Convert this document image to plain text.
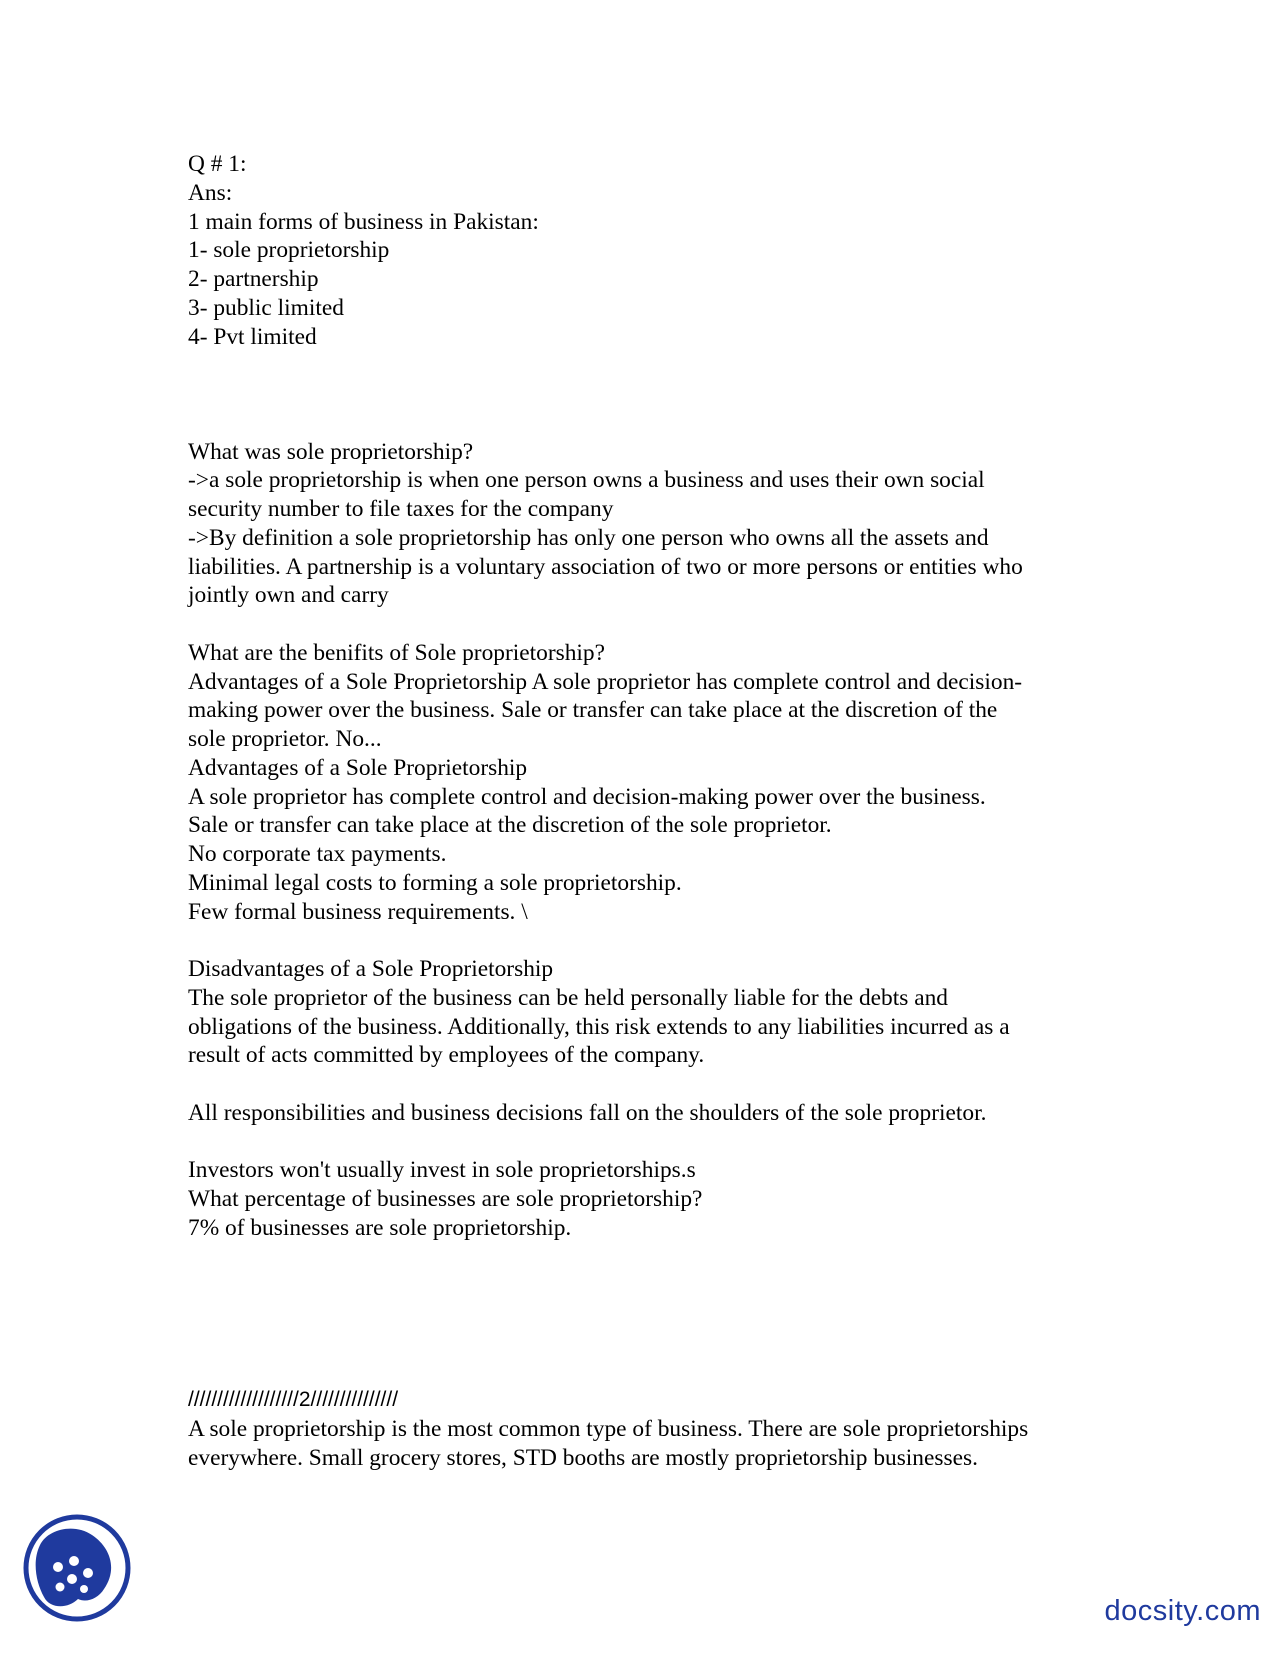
Q # 1:

Ans:

1 main forms of business in Pakistan:

1- sole proprietorship

2- partnership

3- public limited

4- Pvt limited

What was sole proprietorship?

->a sole proprietorship is when one person owns a business and uses their own social

security number to file taxes for the company

->By definition a sole proprietorship has only one person who owns all the assets and

liabilities. A partnership is a voluntary association of two or more persons or entities who

jointly own and carry

What are the benifits of Sole proprietorship?

Advantages of a Sole Proprietorship A sole proprietor has complete control and decision-

making power over the business. Sale or transfer can take place at the discretion of the

sole proprietor. No...

Advantages of a Sole Proprietorship

A sole proprietor has complete control and decision-making power over the business.

Sale or transfer can take place at the discretion of the sole proprietor.

No corporate tax payments.

Minimal legal costs to forming a sole proprietorship.

Few formal business requirements. \

Disadvantages of a Sole Proprietorship

The sole proprietor of the business can be held personally liable for the debts and

obligations of the business. Additionally, this risk extends to any liabilities incurred as a

result of acts committed by employees of the company.

All responsibilities and business decisions fall on the shoulders of the sole proprietor.

Investors won't usually invest in sole proprietorships.s

What percentage of businesses are sole proprietorship?

7% of businesses are sole proprietorship.

///////////////////2///////////////

A sole proprietorship is the most common type of business. There are sole proprietorships

everywhere. Small grocery stores, STD booths are mostly proprietorship businesses.

docsity.com
